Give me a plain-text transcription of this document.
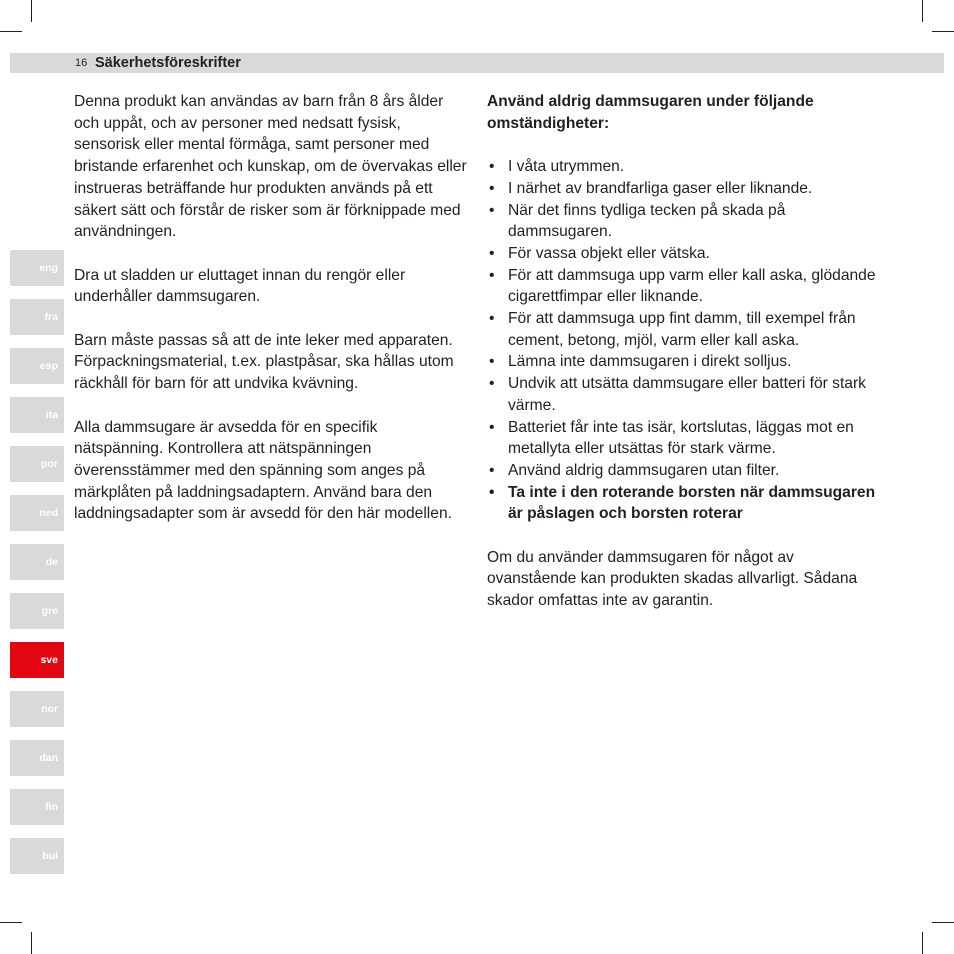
16 Säkerhetsföreskrifter
eng
fra
esp
ita
por
ned
de
gre
sve
nor
dan
fin
bul

Denna produkt kan användas av barn från 8 års ålder och uppåt, och av personer med nedsatt fysisk, sensorisk eller mental förmåga, samt personer med bristande erfarenhet och kunskap, om de övervakas eller instrueras beträffande hur produkten används på ett säkert sätt och förstår de risker som är förknippade med användningen.

Dra ut sladden ur eluttaget innan du rengör eller underhåller dammsugaren.

Barn måste passas så att de inte leker med apparaten. Förpackningsmaterial, t.ex. plastpåsar, ska hållas utom räckhåll för barn för att undvika kvävning.

Alla dammsugare är avsedda för en specifik nätspänning. Kontrollera att nätspänningen överensstämmer med den spänning som anges på märkplåten på laddningsadaptern. Använd bara den laddningsadapter som är avsedd för den här modellen.

Använd aldrig dammsugaren under följande omständigheter:

• I våta utrymmen.
• I närhet av brandfarliga gaser eller liknande.
• När det finns tydliga tecken på skada på dammsugaren.
• För vassa objekt eller vätska.
• För att dammsuga upp varm eller kall aska, glödande cigarettfimpar eller liknande.
• För att dammsuga upp fint damm, till exempel från cement, betong, mjöl, varm eller kall aska.
• Lämna inte dammsugaren i direkt solljus.
• Undvik att utsätta dammsugare eller batteri för stark värme.
• Batteriet får inte tas isär, kortslutas, läggas mot en metallyta eller utsättas för stark värme.
• Använd aldrig dammsugaren utan filter.
• Ta inte i den roterande borsten när dammsugaren är påslagen och borsten roterar

Om du använder dammsugaren för något av ovanstående kan produkten skadas allvarligt. Sådana skador omfattas inte av garantin.
